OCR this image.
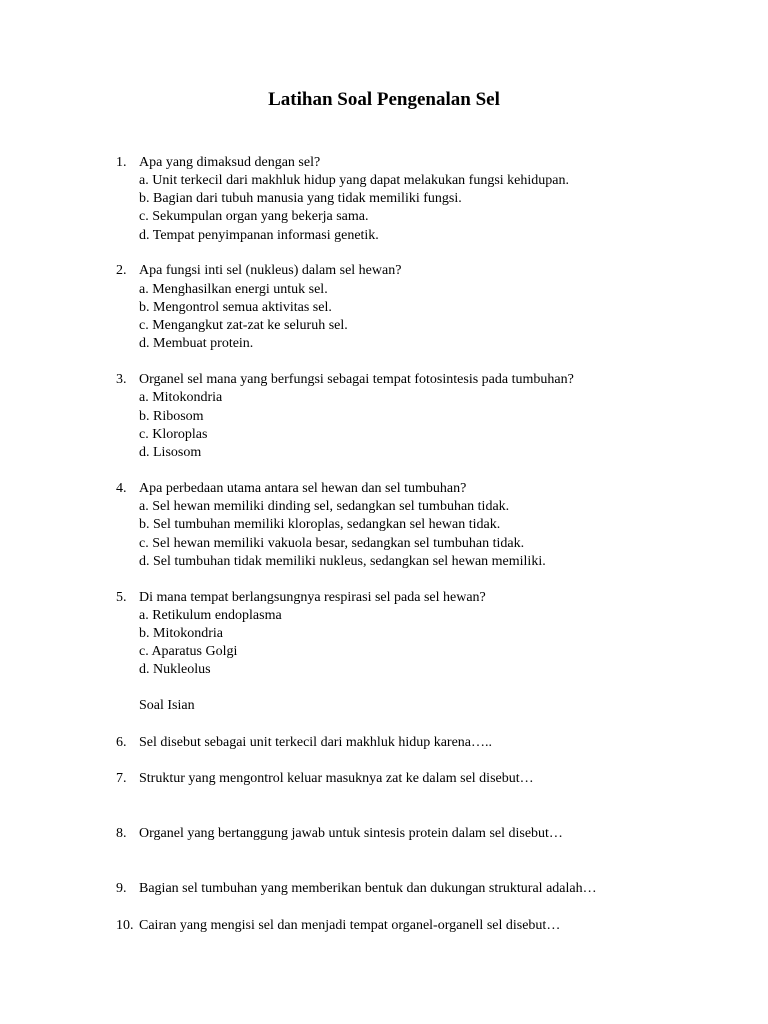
Latihan Soal Pengenalan Sel
1. Apa yang dimaksud dengan sel?
a. Unit terkecil dari makhluk hidup yang dapat melakukan fungsi kehidupan.
b. Bagian dari tubuh manusia yang tidak memiliki fungsi.
c. Sekumpulan organ yang bekerja sama.
d. Tempat penyimpanan informasi genetik.
2. Apa fungsi inti sel (nukleus) dalam sel hewan?
a. Menghasilkan energi untuk sel.
b. Mengontrol semua aktivitas sel.
c. Mengangkut zat-zat ke seluruh sel.
d. Membuat protein.
3. Organel sel mana yang berfungsi sebagai tempat fotosintesis pada tumbuhan?
a. Mitokondria
b. Ribosom
c. Kloroplas
d. Lisosom
4. Apa perbedaan utama antara sel hewan dan sel tumbuhan?
a. Sel hewan memiliki dinding sel, sedangkan sel tumbuhan tidak.
b. Sel tumbuhan memiliki kloroplas, sedangkan sel hewan tidak.
c. Sel hewan memiliki vakuola besar, sedangkan sel tumbuhan tidak.
d. Sel tumbuhan tidak memiliki nukleus, sedangkan sel hewan memiliki.
5. Di mana tempat berlangsungnya respirasi sel pada sel hewan?
a. Retikulum endoplasma
b. Mitokondria
c. Aparatus Golgi
d. Nukleolus
Soal Isian
6. Sel disebut sebagai unit terkecil dari makhluk hidup karena…..
7. Struktur yang mengontrol keluar masuknya zat ke dalam sel disebut…
8. Organel yang bertanggung jawab untuk sintesis protein dalam sel disebut…
9. Bagian sel tumbuhan yang memberikan bentuk dan dukungan struktural adalah…
10. Cairan yang mengisi sel dan menjadi tempat organel-organell sel disebut…
